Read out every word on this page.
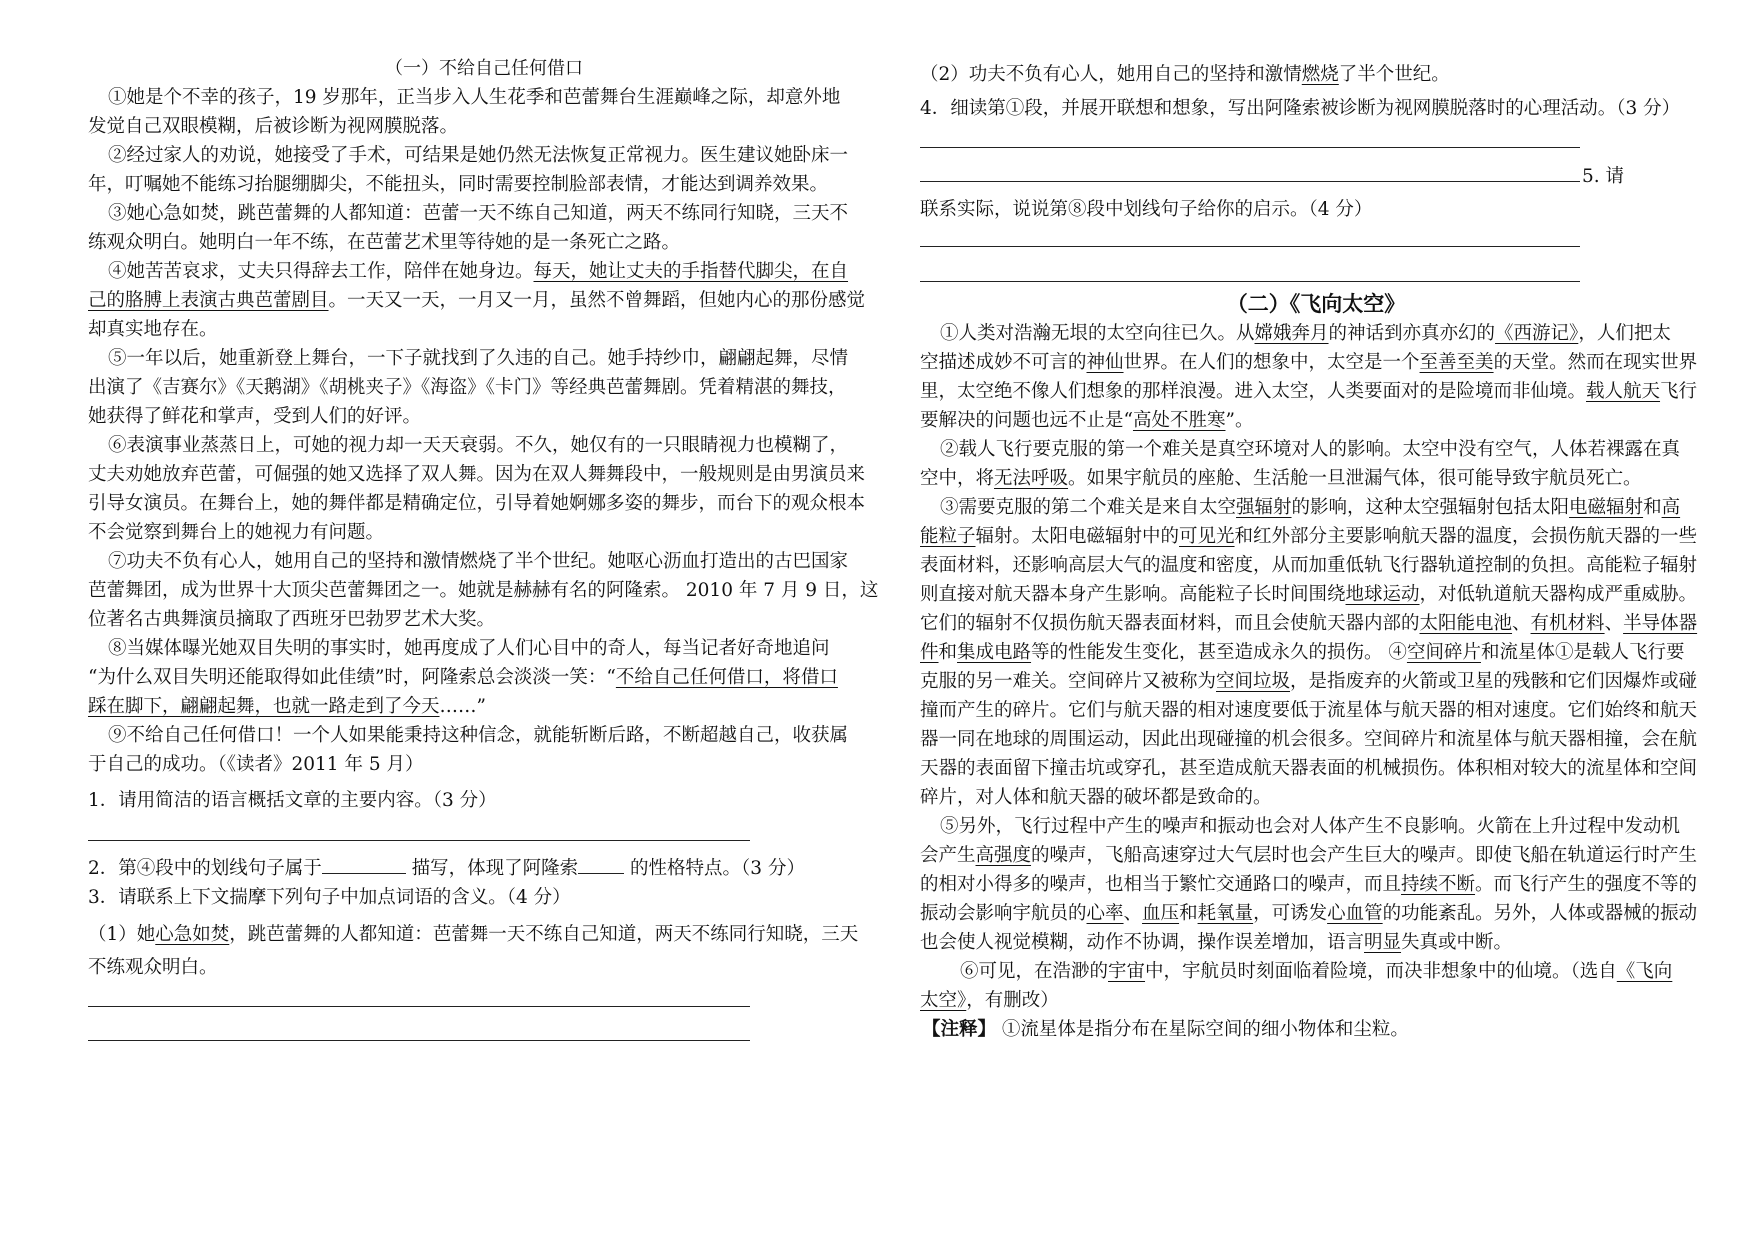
（一）不给自己任何借口
①她是个不幸的孩子，19 岁那年，正当步入人生花季和芭蕾舞台生涯巅峰之际，却意外地
发觉自己双眼模糊，后被诊断为视网膜脱落。
②经过家人的劝说，她接受了手术，可结果是她仍然无法恢复正常视力。医生建议她卧床一
年，叮嘱她不能练习抬腿绷脚尖，不能扭头，同时需要控制脸部表情，才能达到调养效果。
③她心急如焚，跳芭蕾舞的人都知道：芭蕾一天不练自己知道，两天不练同行知晓，三天不
练观众明白。她明白一年不练，在芭蕾艺术里等待她的是一条死亡之路。
④她苦苦哀求，丈夫只得辞去工作，陪伴在她身边。每天，她让丈夫的手指替代脚尖，在自
己的胳膊上表演古典芭蕾剧目。一天又一天，一月又一月，虽然不曾舞蹈，但她内心的那份感觉
却真实地存在。
⑤一年以后，她重新登上舞台，一下子就找到了久违的自己。她手持纱巾，翩翩起舞，尽情
出演了《吉赛尔》《天鹅湖》《胡桃夹子》《海盗》《卡门》等经典芭蕾舞剧。凭着精湛的舞技，
她获得了鲜花和掌声，受到人们的好评。
⑥表演事业蒸蒸日上，可她的视力却一天天衰弱。不久，她仅有的一只眼睛视力也模糊了，
丈夫劝她放弃芭蕾，可倔强的她又选择了双人舞。因为在双人舞舞段中，一般规则是由男演员来
引导女演员。在舞台上，她的舞伴都是精确定位，引导着她婀娜多姿的舞步，而台下的观众根本
不会觉察到舞台上的她视力有问题。
⑦功夫不负有心人，她用自己的坚持和激情燃烧了半个世纪。她呕心沥血打造出的古巴国家
芭蕾舞团，成为世界十大顶尖芭蕾舞团之一。她就是赫赫有名的阿隆索。 2010 年 7 月 9 日，这
位著名古典舞演员摘取了西班牙巴勃罗艺术大奖。
⑧当媒体曝光她双目失明的事实时，她再度成了人们心目中的奇人，每当记者好奇地追问
“为什么双目失明还能取得如此佳绩”时，阿隆索总会淡淡一笑：“不给自己任何借口，将借口
踩在脚下，翩翩起舞，也就一路走到了今天……”
⑨不给自己任何借口！一个人如果能秉持这种信念，就能斩断后路，不断超越自己，收获属
于自己的成功。（《读者》2011 年 5 月）
1．请用简洁的语言概括文章的主要内容。（3 分）
2．第④段中的划线句子属于	描写，体现了阿隆索 的性格特点。（3 分）
3．请联系上下文揣摩下列句子中加点词语的含义。（4 分）
（1）她心急如焚，跳芭蕾舞的人都知道：芭蕾舞一天不练自己知道，两天不练同行知晓，三天
不练观众明白。
（2）功夫不负有心人，她用自己的坚持和激情燃烧了半个世纪。
4．细读第①段，并展开联想和想象，写出阿隆索被诊断为视网膜脱落时的心理活动。（3 分）
5. 请
联系实际，说说第⑧段中划线句子给你的启示。（4 分）
（二）《飞向太空》
①人类对浩瀚无垠的太空向往已久。从嫦娥奔月的神话到亦真亦幻的《西游记》，人们把太
空描述成妙不可言的神仙世界。在人们的想象中，太空是一个至善至美的天堂。然而在现实世界
里，太空绝不像人们想象的那样浪漫。进入太空，人类要面对的是险境而非仙境。载人航天飞行
要解决的问题也远不止是“高处不胜寒”。
②载人飞行要克服的第一个难关是真空环境对人的影响。太空中没有空气，人体若裸露在真
空中，将无法呼吸。如果宇航员的座舱、生活舱一旦泄漏气体，很可能导致宇航员死亡。
③需要克服的第二个难关是来自太空强辐射的影响，这种太空强辐射包括太阳电磁辐射和高
能粒子辐射。太阳电磁辐射中的可见光和红外部分主要影响航天器的温度，会损伤航天器的一些
表面材料，还影响高层大气的温度和密度，从而加重低轨飞行器轨道控制的负担。高能粒子辐射
则直接对航天器本身产生影响。高能粒子长时间围绕地球运动，对低轨道航天器构成严重威胁。
它们的辐射不仅损伤航天器表面材料，而且会使航天器内部的太阳能电池、有机材料、半导体器
件和集成电路等的性能发生变化，甚至造成永久的损伤。 ④空间碎片和流星体①是载人飞行要
克服的另一难关。空间碎片又被称为空间垃圾，是指废弃的火箭或卫星的残骸和它们因爆炸或碰
撞而产生的碎片。它们与航天器的相对速度要低于流星体与航天器的相对速度。它们始终和航天
器一同在地球的周围运动，因此出现碰撞的机会很多。空间碎片和流星体与航天器相撞，会在航
天器的表面留下撞击坑或穿孔，甚至造成航天器表面的机械损伤。体积相对较大的流星体和空间
碎片，对人体和航天器的破坏都是致命的。
⑤另外，飞行过程中产生的噪声和振动也会对人体产生不良影响。火箭在上升过程中发动机
会产生高强度的噪声，飞船高速穿过大气层时也会产生巨大的噪声。即使飞船在轨道运行时产生
的相对小得多的噪声，也相当于繁忙交通路口的噪声，而且持续不断。而飞行产生的强度不等的
振动会影响宇航员的心率、血压和耗氧量，可诱发心血管的功能紊乱。另外，人体或器械的振动
也会使人视觉模糊，动作不协调，操作误差增加，语言明显失真或中断。
⑥可见，在浩渺的宇宙中，宇航员时刻面临着险境，而决非想象中的仙境。（选自《飞向
太空》，有删改）
【注释】 ①流星体是指分布在星际空间的细小物体和尘粒。
